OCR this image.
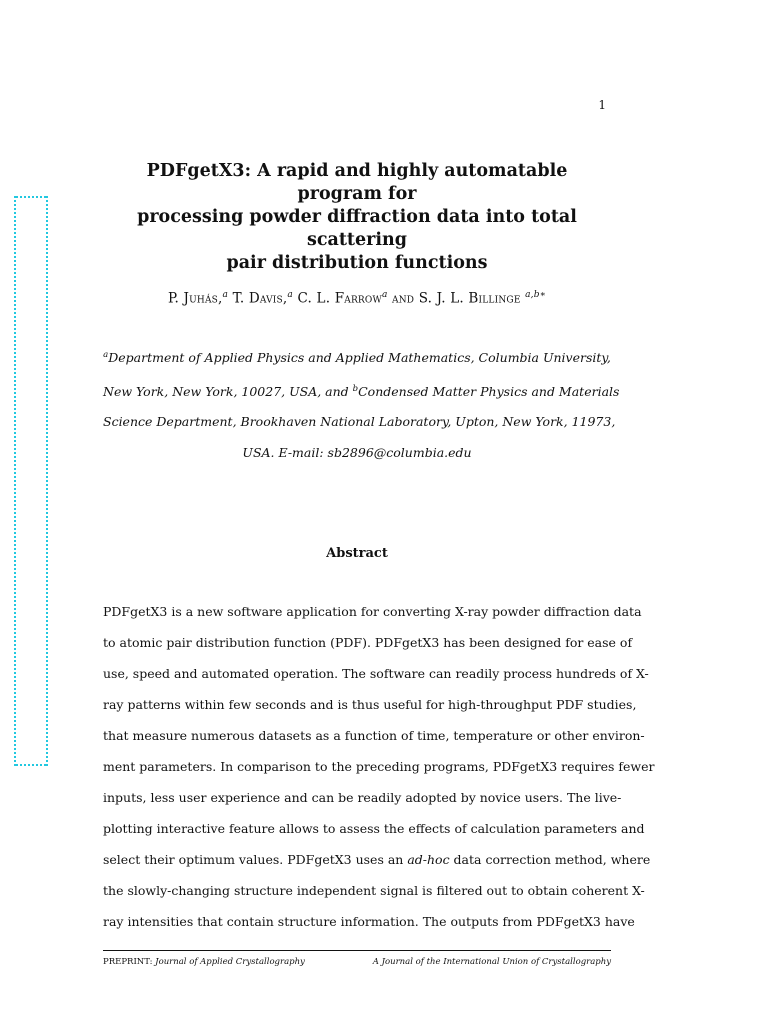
1
PDFgetX3: A rapid and highly automatable program for
processing powder diffraction data into total scattering
pair distribution functions
P. Juhás,$^a$ T. Davis,$^a$ C. L. Farrow$^a$ and S. J. L. Billinge $^{a,b∗}$
$^a$Department of Applied Physics and Applied Mathematics, Columbia University,
New York, New York, 10027, USA, and $^b$Condensed Matter Physics and Materials
Science Department, Brookhaven National Laboratory, Upton, New York, 11973,
USA. E-mail: sb2896@columbia.edu
Abstract
PDFgetX3 is a new software application for converting X-ray powder diffraction data
to atomic pair distribution function (PDF). PDFgetX3 has been designed for ease of
use, speed and automated operation. The software can readily process hundreds of X-
ray patterns within few seconds and is thus useful for high-throughput PDF studies,
that measure numerous datasets as a function of time, temperature or other environ-
ment parameters. In comparison to the preceding programs, PDFgetX3 requires fewer
inputs, less user experience and can be readily adopted by novice users. The live-
plotting interactive feature allows to assess the effects of calculation parameters and
select their optimum values. PDFgetX3 uses an ad-hoc data correction method, where
the slowly-changing structure independent signal is filtered out to obtain coherent X-
ray intensities that contain structure information. The outputs from PDFgetX3 have
PREPRINT: Journal of Applied Crystallography	A Journal of the International Union of Crystallography
